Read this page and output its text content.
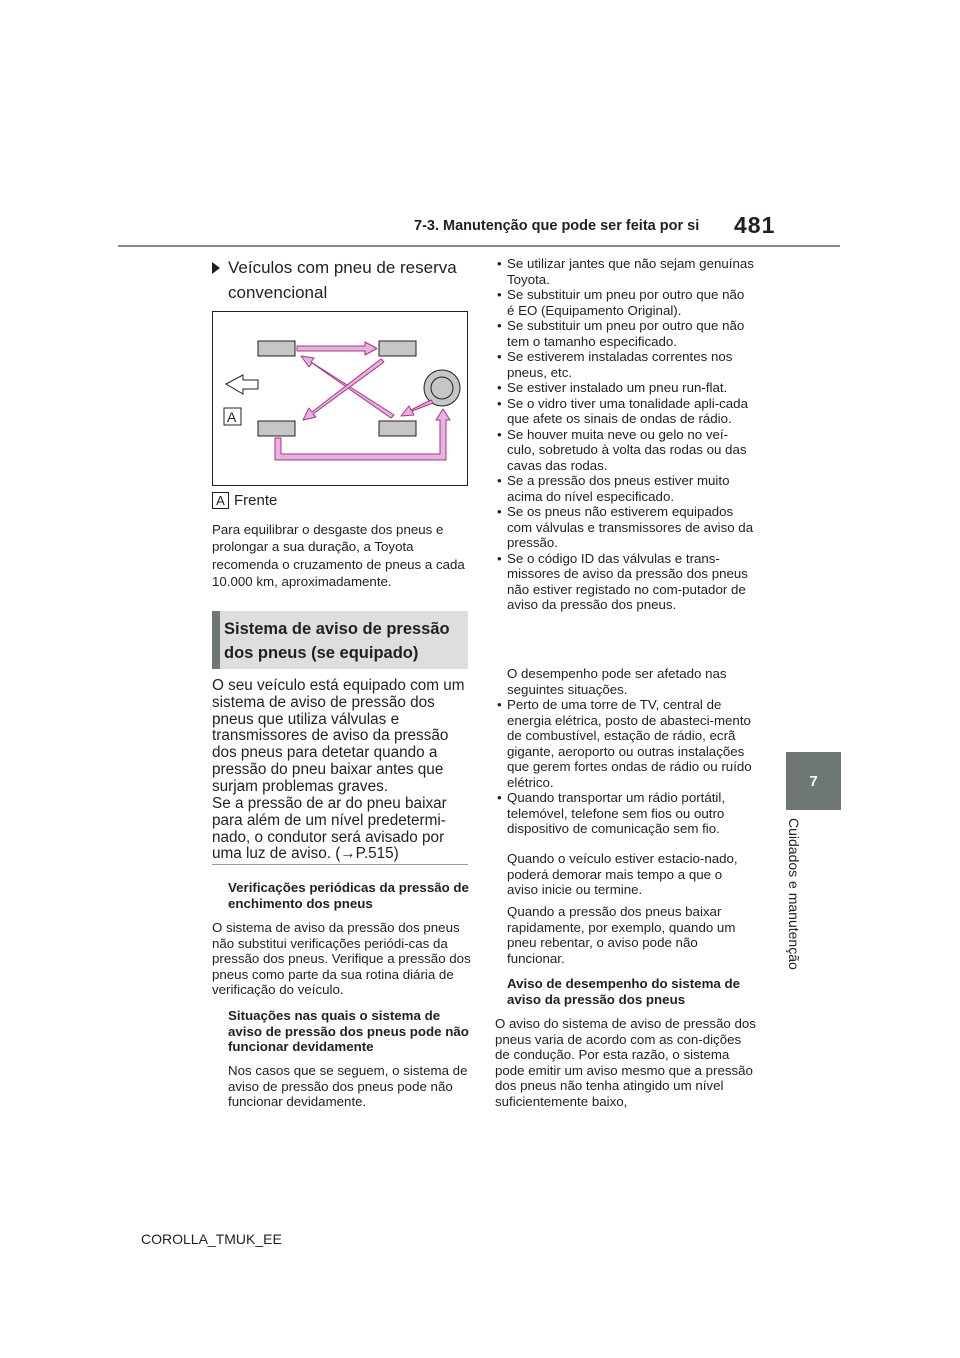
7-3. Manutenção que pode ser feita por si 481
7
Cuidados e manutenção
Veículos com pneu de reserva convencional
A
A Frente
Para equilibrar o desgaste dos pneus e prolongar a sua duração, a Toyota recomenda o cruzamento de pneus a cada 10.000 km, aproximadamente.
Sistema de aviso de pressão
dos pneus (se equipado)
O seu veículo está equipado com um sistema de aviso de pressão dos pneus que utiliza válvulas e transmissores de aviso da pressão dos pneus para detetar quando a pressão do pneu baixar antes que surjam problemas graves.
Se a pressão de ar do pneu baixar para além de um nível predetermi-nado, o condutor será avisado por uma luz de aviso. (→P.515)
Verificações periódicas da pressão de enchimento dos pneus
O sistema de aviso da pressão dos pneus não substitui verificações periódi-cas da pressão dos pneus. Verifique a pressão dos pneus como parte da sua rotina diária de verificação do veículo.
Situações nas quais o sistema de aviso de pressão dos pneus pode não funcionar devidamente
Nos casos que se seguem, o sistema de aviso de pressão dos pneus pode não funcionar devidamente.
• Se utilizar jantes que não sejam genuínas Toyota.
• Se substituir um pneu por outro que não é EO (Equipamento Original).
• Se substituir um pneu por outro que não tem o tamanho especificado.
• Se estiverem instaladas correntes nos pneus, etc.
• Se estiver instalado um pneu run-flat.
• Se o vidro tiver uma tonalidade apli-cada que afete os sinais de ondas de rádio.
• Se houver muita neve ou gelo no veí-culo, sobretudo à volta das rodas ou das cavas das rodas.
• Se a pressão dos pneus estiver muito acima do nível especificado.
• Se os pneus não estiverem equipados com válvulas e transmissores de aviso da pressão.
• Se o código ID das válvulas e trans-missores de aviso da pressão dos pneus não estiver registado no com-putador de aviso da pressão dos pneus.
O desempenho pode ser afetado nas seguintes situações.
• Perto de uma torre de TV, central de energia elétrica, posto de abasteci-mento de combustível, estação de rádio, ecrã gigante, aeroporto ou outras instalações que gerem fortes ondas de rádio ou ruído elétrico.
• Quando transportar um rádio portátil, telemóvel, telefone sem fios ou outro dispositivo de comunicação sem fio.
Quando o veículo estiver estacio-nado, poderá demorar mais tempo a que o aviso inicie ou termine.
Quando a pressão dos pneus baixar rapidamente, por exemplo, quando um pneu rebentar, o aviso pode não funcionar.
Aviso de desempenho do sistema de aviso da pressão dos pneus
O aviso do sistema de aviso de pressão dos pneus varia de acordo com as con-dições de condução. Por esta razão, o sistema pode emitir um aviso mesmo que a pressão dos pneus não tenha atingido um nível suficientemente baixo,
COROLLA_TMUK_EE
